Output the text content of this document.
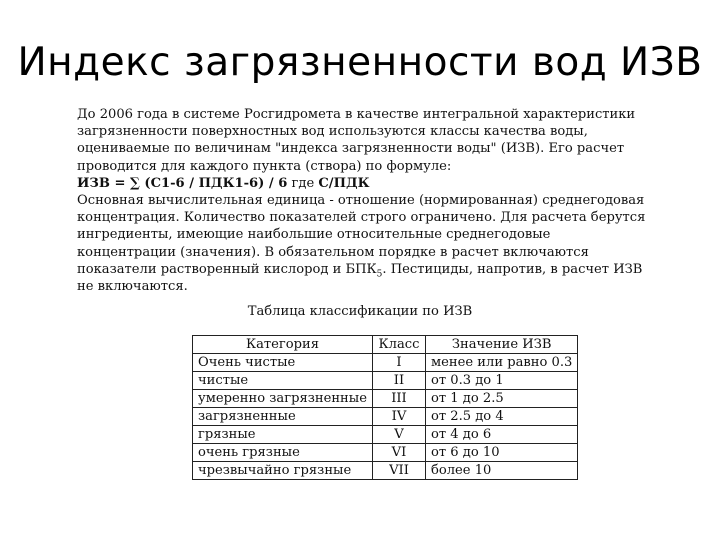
Индекс загрязненности вод ИЗВ

До 2006 года в системе Росгидромета в качестве интегральной характеристики загрязненности поверхностных вод используются классы качества воды, оцениваемые по величинам "индекса загрязненности воды" (ИЗВ). Его расчет проводится для каждого пункта (створа) по формуле:

ИЗВ = ∑ (С1-6 / ПДК1-6) / 6 где С/ПДК

Основная вычислительная единица - отношение (нормированная) среднегодовая концентрация. Количество показателей строго ограничено. Для расчета берутся ингредиенты, имеющие наибольшие относительные среднегодовые концентрации (значения). В обязательном порядке в расчет включаются показатели растворенный кислород и $БПК_5$. Пестициды, напротив, в расчет ИЗВ не включаются.

Таблица классификации по ИЗВ
Категория	Класс	Значение ИЗВ
Очень чистые	I	менее или равно 0.3
чистые	II	от 0.3 до 1
умеренно загрязненные	III	от 1 до 2.5
загрязненные	IV	от 2.5 до 4
грязные	V	от 4 до 6
очень грязные	VI	от 6 до 10
чрезвычайно грязные	VII	более 10
